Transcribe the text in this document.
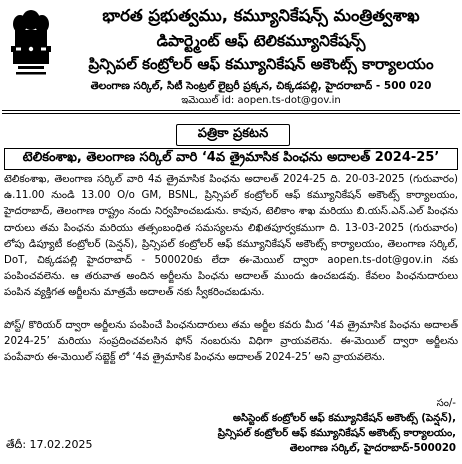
భారత ప్రభుత్వము, కమ్యూనికేషన్స్ మంత్రిత్వశాఖ
డిపార్ట్మెంట్ ఆఫ్ టెలికమ్యూనికేషన్స్
ప్రిన్సిపల్ కంట్రోలర్ ఆఫ్ కమ్యూనికేషన్ అకౌంట్స్ కార్యాలయం
తెలంగాణ సర్కిల్, సిటీ సెంట్రల్ లైబ్రరీ ప్రక్కన, చిక్కడపల్లి, హైదరాబాద్ - 500 020
ఇమెయిల్ id: aopen.ts-dot@gov.in
పత్రికా ప్రకటన
టెలికంశాఖ, తెలంగాణ సర్కిల్ వారి ‘4వ త్రైమాసిక పింఛను అదాలత్ 2024-25’
టెలికంశాఖ, తెలంగాణ సర్కిల్ వారి 4వ త్రైమాసిక పింఛను అదాలత్ 2024-25 ది. 20-03-2025 (గురువారం) ఉ.11.00 నుండి 13.00 O/o GM, BSNL, ప్రిన్సిపల్ కంట్రోలర్ ఆఫ్ కమ్యూనికేషన్ అకౌంట్స్ కార్యాలయం, హైదరాబాద్, తెలంగాణ రాష్ట్రం నందు నిర్వహించబడును. కావున, టెలికాం శాఖ మరియు బి.యస్.ఎన్.ఎల్ పింఛను దారులు తమ పింఛను మరియు తత్సంబంధిత సమస్యలను లిఖితపూర్వకముగా ది. 13-03-2025 (గురువారం) లోపు డిప్యూటీ కంట్రోలర్ (పెన్షన్), ప్రిన్సిపల్ కంట్రోలర్ ఆఫ్ కమ్యూనికేషన్ అకౌంట్స్ కార్యాలయం, తెలంగాణ సర్కిల్, DoT, చిక్కడపల్లి హైదరాబాద్ - 500020కు లేదా ఈ-మెయిల్ ద్వారా aopen.ts-dot@gov.in నకు పంపించవలెను. ఆ తరువాత అందిన అర్జీలను పింఛను అదాలత్ ముందు ఉంచబడవు. కేవలం పింఛనుదారులు పంపిన వ్యక్తిగత అర్జీలను మాత్రమే అదాలత్ నకు స్వీకరించబడును.
పోస్ట్/ కొరియర్ ద్వారా అర్జీలను పంపించే పింఛనుదారులు తమ అర్జీల కవరు మీద ‘4వ త్రైమాసిక పింఛను అదాలత్ 2024-25’ మరియు సంప్రదించవలసిన ఫోన్ నంబరును విధిగా వ్రాయవలెను. ఈ-మెయిల్ ద్వారా అర్జీలను పంపేవారు ఈ-మెయిల్ సబ్జెక్ట్ లో ‘4వ త్రైమాసిక పింఛను అదాలత్ 2024-25’ అని వ్రాయవలెను.
సం/-
అసిస్టెంట్ కంట్రోలర్ ఆఫ్ కమ్యూనికేషన్ అకౌంట్స్ (పెన్షన్),
ప్రిన్సిపల్ కంట్రోలర్ ఆఫ్ కమ్యూనికేషన్ అకౌంట్స్ కార్యాలయం,
తెలంగాణ సర్కిల్, హైదరాబాద్-500020
తేదీ: 17.02.2025
